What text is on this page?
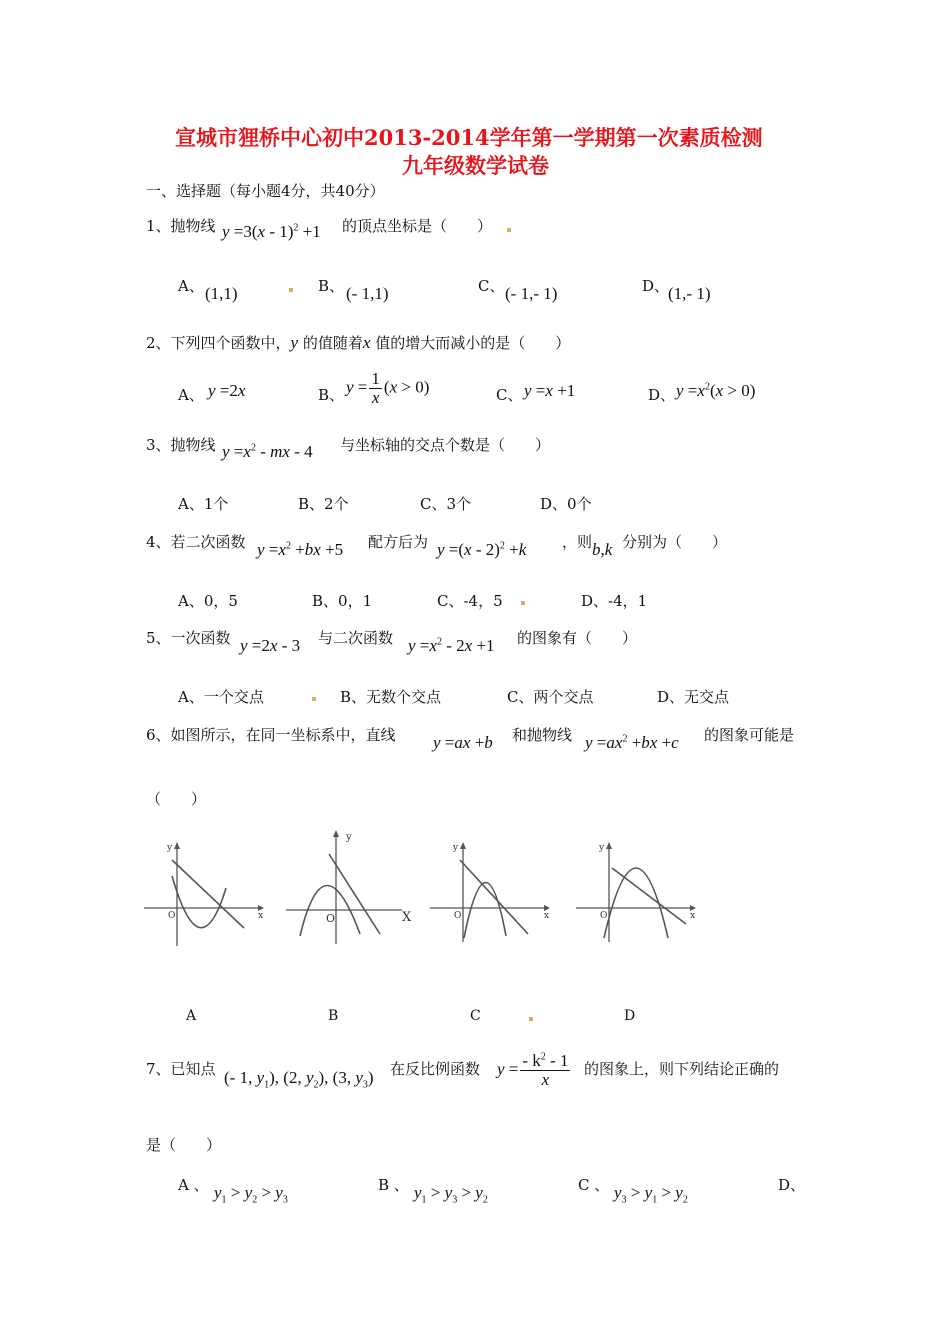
宣城市狸桥中心初中2013-2014学年第一学期第一次素质检测
九年级数学试卷
一、选择题（每小题4分，共40分）
1、抛物线 y =3(x - 1)$^2$ +1 的顶点坐标是（　　）
A、 (1,1)	B、 (- 1,1)	C、 (- 1,- 1)	D、
(1,- 1)
2、下列四个函数中，y 的值随着x 值的增大而减小的是（　　）
A、 y =2x	B、 $y = \frac{1}{x} (x > 0)$	C、 y =x +1	D、 $y =x^2(x > 0)$
3、抛物线 $y =x^2$ - mx - 4 与坐标轴的交点个数是（　　）
A、1个	B、2个	C、3个	D、0个
4、若二次函数 $y =x^2 +bx +5$ 配方后为 y =(x - 2)$^2$ +k ，则 b,k 分别为（　　）
A、0，5	B、0，1	C、-4，5	D、-4，1
5、一次函数 y =2x - 3 与二次函数 $y =x^2 - 2x +1$ 的图象有（　　）
A、一个交点	B、无数个交点	C、两个交点	D、无交点
6、如图所示，在同一坐标系中，直线 y =ax +b 和抛物线 $y =ax^2 +bx +c$ 的图象可能是
（　　）
y
x
O	X
y
O
y
x
O
y
x
O
A	B	C	D
7、已知点 (- 1, $y_1$), (2, $y_2$), (3, $y_3$) 在反比例函数 $y = \frac{- k^2 - 1}{x}$ 的图象上，则下列结论正确的
是（　　）
A 、 $y_1 > y_2 > y_3$
B 、 $y_1 > y_3 > y_2$
C 、 $y_3 > y_1 > y_2$
D、
